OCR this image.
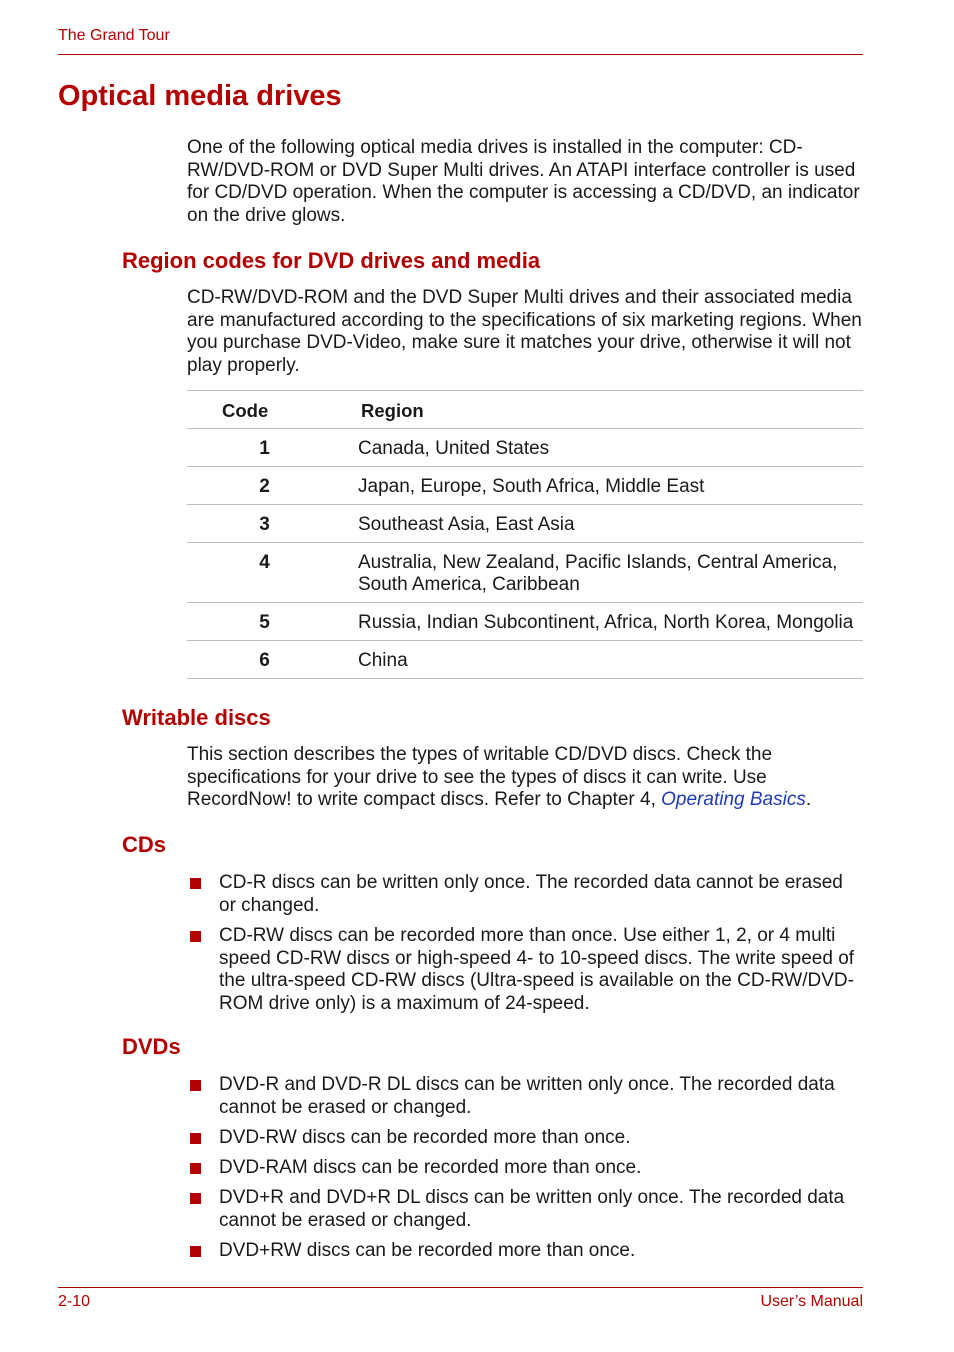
The Grand Tour
Optical media drives

One of the following optical media drives is installed in the computer: CD-RW/DVD-ROM or DVD Super Multi drives. An ATAPI interface controller is used for CD/DVD operation. When the computer is accessing a CD/DVD, an indicator on the drive glows.

Region codes for DVD drives and media

CD-RW/DVD-ROM and the DVD Super Multi drives and their associated media are manufactured according to the specifications of six marketing regions. When you purchase DVD-Video, make sure it matches your drive, otherwise it will not play properly.

Code	Region
1	Canada, United States
2	Japan, Europe, South Africa, Middle East
3	Southeast Asia, East Asia
4	Australia, New Zealand, Pacific Islands, Central America, South America, Caribbean
5	Russia, Indian Subcontinent, Africa, North Korea, Mongolia
6	China
Writable discs

This section describes the types of writable CD/DVD discs. Check the specifications for your drive to see the types of discs it can write. Use RecordNow! to write compact discs. Refer to Chapter 4, Operating Basics.

CDs
CD-R discs can be written only once. The recorded data cannot be erased or changed.
CD-RW discs can be recorded more than once. Use either 1, 2, or 4 multi speed CD-RW discs or high-speed 4- to 10-speed discs. The write speed of the ultra-speed CD-RW discs (Ultra-speed is available on the CD-RW/DVD-ROM drive only) is a maximum of 24-speed.
DVDs
DVD-R and DVD-R DL discs can be written only once. The recorded data cannot be erased or changed.
DVD-RW discs can be recorded more than once.
DVD-RAM discs can be recorded more than once.
DVD+R and DVD+R DL discs can be written only once. The recorded data cannot be erased or changed.
DVD+RW discs can be recorded more than once.
2-10	User’s Manual
